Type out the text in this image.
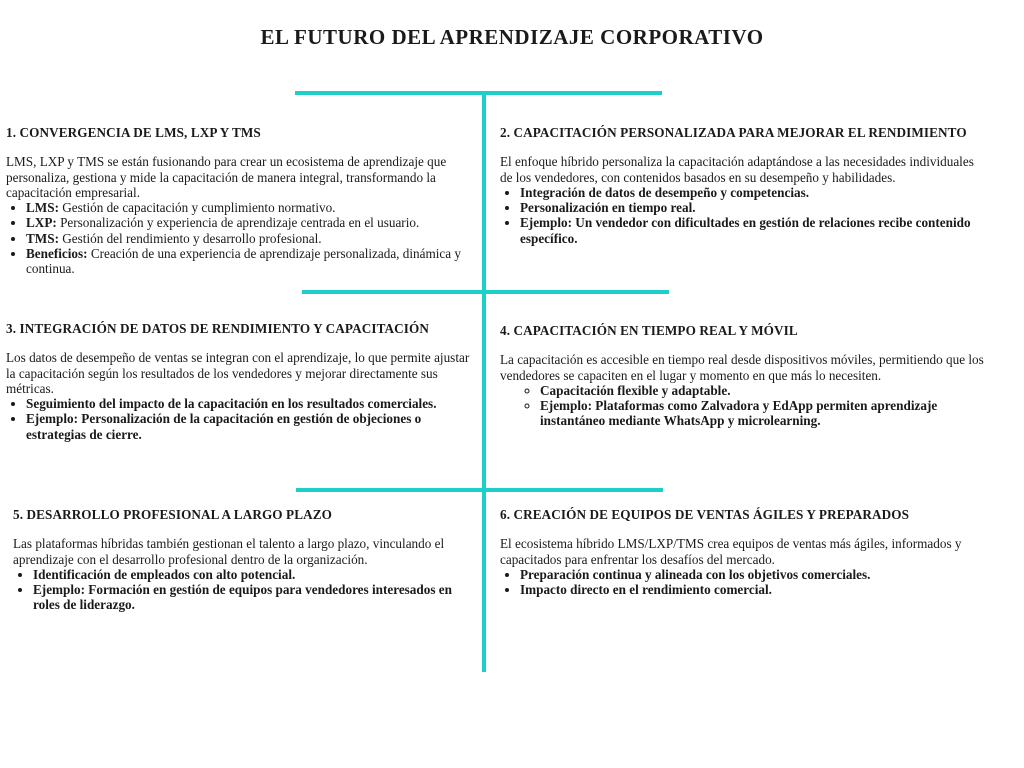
EL FUTURO DEL APRENDIZAJE CORPORATIVO
1. CONVERGENCIA DE LMS, LXP Y TMS

LMS, LXP y TMS se están fusionando para crear un ecosistema de aprendizaje que personaliza, gestiona y mide la capacitación de manera integral, transformando la capacitación empresarial.

• LMS: Gestión de capacitación y cumplimiento normativo.
• LXP: Personalización y experiencia de aprendizaje centrada en el usuario.
• TMS: Gestión del rendimiento y desarrollo profesional.
• Beneficios: Creación de una experiencia de aprendizaje personalizada, dinámica y continua.
2. CAPACITACIÓN PERSONALIZADA PARA MEJORAR EL RENDIMIENTO

El enfoque híbrido personaliza la capacitación adaptándose a las necesidades individuales de los vendedores, con contenidos basados en su desempeño y habilidades.

• Integración de datos de desempeño y competencias.
• Personalización en tiempo real.
• Ejemplo: Un vendedor con dificultades en gestión de relaciones recibe contenido específico.
3. INTEGRACIÓN DE DATOS DE RENDIMIENTO Y CAPACITACIÓN

Los datos de desempeño de ventas se integran con el aprendizaje, lo que permite ajustar la capacitación según los resultados de los vendedores y mejorar directamente sus métricas.

• Seguimiento del impacto de la capacitación en los resultados comerciales.
• Ejemplo: Personalización de la capacitación en gestión de objeciones o estrategias de cierre.
4. CAPACITACIÓN EN TIEMPO REAL Y MÓVIL

La capacitación es accesible en tiempo real desde dispositivos móviles, permitiendo que los vendedores se capaciten en el lugar y momento en que más lo necesiten.

◦ Capacitación flexible y adaptable.
◦ Ejemplo: Plataformas como Zalvadora y EdApp permiten aprendizaje instantáneo mediante WhatsApp y microlearning.
5. DESARROLLO PROFESIONAL A LARGO PLAZO

Las plataformas híbridas también gestionan el talento a largo plazo, vinculando el aprendizaje con el desarrollo profesional dentro de la organización.

• Identificación de empleados con alto potencial.
• Ejemplo: Formación en gestión de equipos para vendedores interesados en roles de liderazgo.
6. CREACIÓN DE EQUIPOS DE VENTAS ÁGILES Y PREPARADOS

El ecosistema híbrido LMS/LXP/TMS crea equipos de ventas más ágiles, informados y capacitados para enfrentar los desafíos del mercado.

• Preparación continua y alineada con los objetivos comerciales.
• Impacto directo en el rendimiento comercial.
